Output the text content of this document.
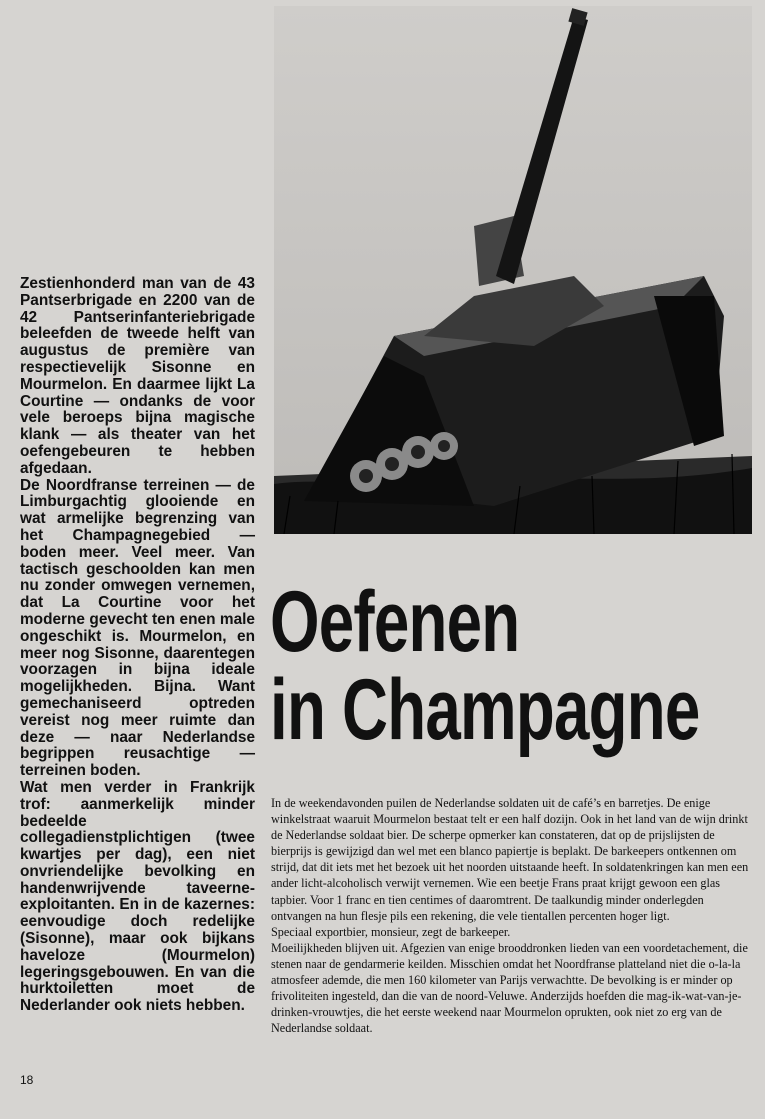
Zestienhonderd man van de 43 Pantserbrigade en 2200 van de 42 Pantserinfanteriebrigade beleefden de tweede helft van augustus de première van respectievelijk Sisonne en Mourmelon. En daarmee lijkt La Courtine — ondanks de voor vele beroeps bijna magische klank — als theater van het oefengebeuren te hebben afgedaan.

De Noordfranse terreinen — de Limburgachtig glooiende en wat armelijke begrenzing van het Champagnegebied — boden meer. Veel meer. Van tactisch geschoolden kan men nu zonder omwegen vernemen, dat La Courtine voor het moderne gevecht ten enen male ongeschikt is. Mourmelon, en meer nog Sisonne, daarentegen voorzagen in bijna ideale mogelijkheden. Bijna. Want gemechaniseerd optreden vereist nog meer ruimte dan deze — naar Nederlandse begrippen reusachtige — terreinen boden.

Wat men verder in Frankrijk trof: aanmerkelijk minder bedeelde collegadienstplichtigen (twee kwartjes per dag), een niet onvriendelijke bevolking en handenwrijvende taveerne-exploitanten. En in de kazernes: eenvoudige doch redelijke (Sisonne), maar ook bijkans haveloze (Mourmelon) legeringsgebouwen. En van die hurktoiletten moet de Nederlander ook niets hebben.

Oefenen
in Champagne

In de weekendavonden puilen de Nederlandse soldaten uit de café’s en barretjes. De enige winkelstraat waaruit Mourmelon bestaat telt er een half dozijn. Ook in het land van de wijn drinkt de Nederlandse soldaat bier. De scherpe opmerker kan constateren, dat op de prijslijsten de bierprijs is gewijzigd dan wel met een blanco papiertje is beplakt. De barkeepers ontkennen om strijd, dat dit iets met het bezoek uit het noorden uitstaande heeft. In soldatenkringen kan men een ander licht-alcoholisch verwijt vernemen. Wie een beetje Frans praat krijgt gewoon een glas tapbier. Voor 1 franc en tien centimes of daaromtrent. De taalkundig minder onderlegden ontvangen na hun flesje pils een rekening, die vele tientallen percenten hoger ligt.

Speciaal exportbier, monsieur, zegt de barkeeper.

Moeilijkheden blijven uit. Afgezien van enige brooddronken lieden van een voordetachement, die stenen naar de gendarmerie keilden. Misschien omdat het Noordfranse platteland niet die o-la-la atmosfeer ademde, die men 160 kilometer van Parijs verwachtte. De bevolking is er minder op frivoliteiten ingesteld, dan die van de noord-Veluwe. Anderzijds hoefden die mag-ik-wat-van-je-drinken-vrouwtjes, die het eerste weekend naar Mourmelon oprukten, ook niet zo erg van de Nederlandse soldaat.

18
